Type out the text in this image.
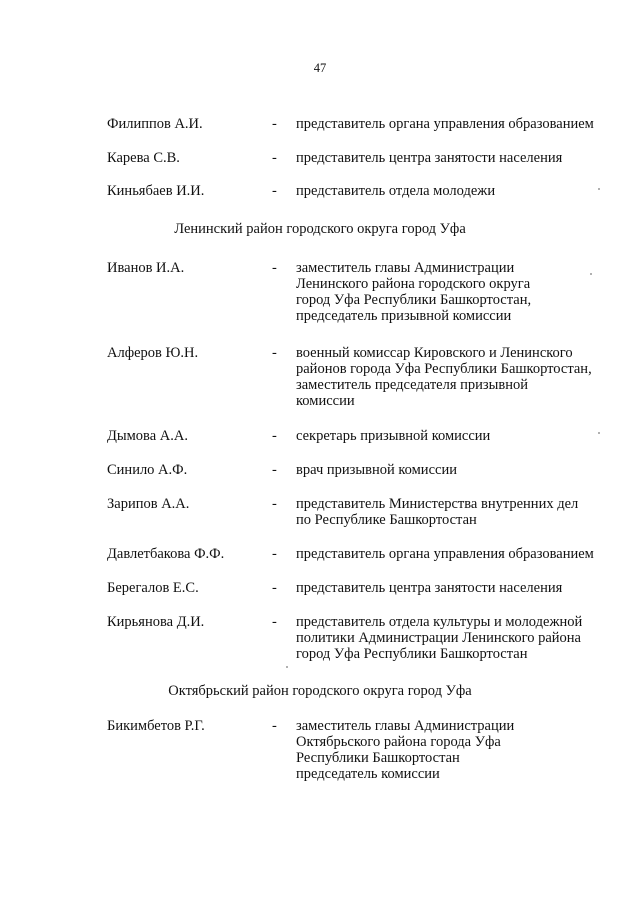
47
Филиппов А.И.	- представитель органа управления образованием
Карева С.В.	- представитель центра занятости населения
Киньябаев И.И.	- представитель отдела молодежи
Ленинский район городского округа город Уфа
Иванов И.А.	- заместитель главы Администрации
Ленинского района городского округа
город Уфа Республики Башкортостан,
председатель призывной комиссии
Алферов Ю.Н.	- военный комиссар Кировского и Ленинского
районов города Уфа Республики Башкортостан,
заместитель председателя призывной
комиссии
Дымова А.А.	- секретарь призывной комиссии
Синило А.Ф.	- врач призывной комиссии
Зарипов А.А.	- представитель Министерства внутренних дел
по Республике Башкортостан
Давлетбакова Ф.Ф.	- представитель органа управления образованием
Берегалов Е.С.	- представитель центра занятости населения
Кирьянова Д.И.	- представитель отдела культуры и молодежной
политики Администрации Ленинского района
город Уфа Республики Башкортостан
Октябрьский район городского округа город Уфа
Бикимбетов Р.Г.	- заместитель главы Администрации
Октябрьского района города Уфа
Республики Башкортостан
председатель комиссии
